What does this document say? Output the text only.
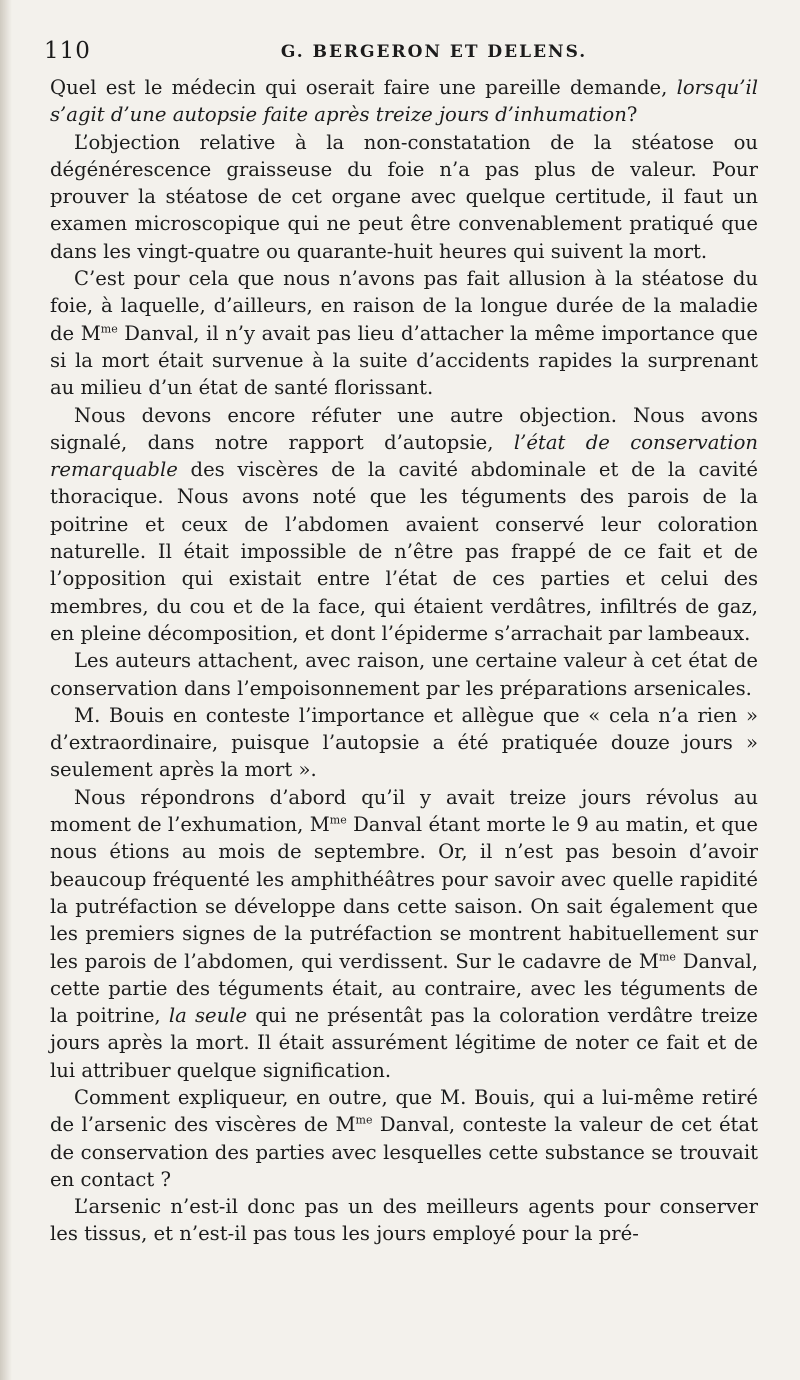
110	G. BERGERON ET DELENS.

Quel est le médecin qui oserait faire une pareille demande, lorsqu’il s’agit d’une autopsie faite après treize jours d’inhumation?

L’objection relative à la non-constatation de la stéatose ou dégénérescence graisseuse du foie n’a pas plus de valeur. Pour prouver la stéatose de cet organe avec quelque certitude, il faut un examen microscopique qui ne peut être convenablement pratiqué que dans les vingt-quatre ou quarante-huit heures qui suivent la mort.

C’est pour cela que nous n’avons pas fait allusion à la stéatose du foie, à laquelle, d’ailleurs, en raison de la longue durée de la maladie de $M^{me}$ Danval, il n’y avait pas lieu d’attacher la même importance que si la mort était survenue à la suite d’accidents rapides la surprenant au milieu d’un état de santé florissant.

Nous devons encore réfuter une autre objection. Nous avons signalé, dans notre rapport d’autopsie, l’état de conservation remarquable des viscères de la cavité abdominale et de la cavité thoracique. Nous avons noté que les téguments des parois de la poitrine et ceux de l’abdomen avaient conservé leur coloration naturelle. Il était impossible de n’être pas frappé de ce fait et de l’opposition qui existait entre l’état de ces parties et celui des membres, du cou et de la face, qui étaient verdâtres, infiltrés de gaz, en pleine décomposition, et dont l’épiderme s’arrachait par lambeaux.

Les auteurs attachent, avec raison, une certaine valeur à cet état de conservation dans l’empoisonnement par les préparations arsenicales.

M. Bouis en conteste l’importance et allègue que « cela n’a rien » d’extraordinaire, puisque l’autopsie a été pratiquée douze jours » seulement après la mort ».

Nous répondrons d’abord qu’il y avait treize jours révolus au moment de l’exhumation, $M^{me}$ Danval étant morte le 9 au matin, et que nous étions au mois de septembre. Or, il n’est pas besoin d’avoir beaucoup fréquenté les amphithéâtres pour savoir avec quelle rapidité la putréfaction se développe dans cette saison. On sait également que les premiers signes de la putréfaction se montrent habituellement sur les parois de l’abdomen, qui verdissent. Sur le cadavre de $M^{me}$ Danval, cette partie des téguments était, au contraire, avec les téguments de la poitrine, la seule qui ne présentât pas la coloration verdâtre treize jours après la mort. Il était assurément légitime de noter ce fait et de lui attribuer quelque signification.

Comment expliqueur, en outre, que M. Bouis, qui a lui-même retiré de l’arsenic des viscères de $M^{me}$ Danval, conteste la valeur de cet état de conservation des parties avec lesquelles cette substance se trouvait en contact ?

L’arsenic n’est-il donc pas un des meilleurs agents pour conserver les tissus, et n’est-il pas tous les jours employé pour la pré-
